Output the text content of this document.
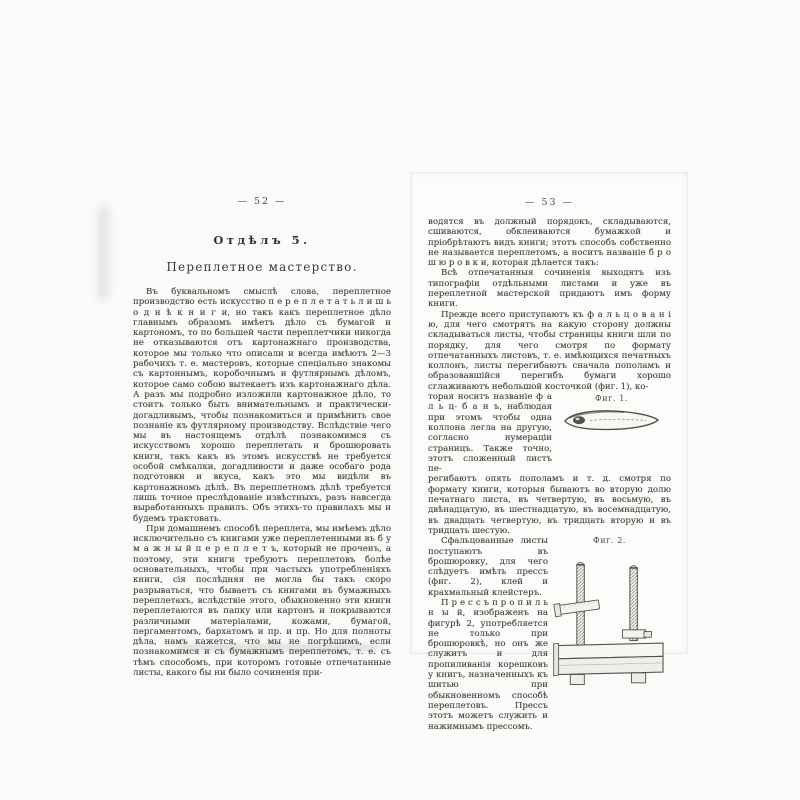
— 52 —
Отдѣлъ 5.
Переплетное мастерство.

Въ буквальномъ смыслѣ слова, переплетное производство есть искусство п е р е п л е т а т ь л и ш ь о д н ѣ к н и г и, но такъ какъ переплетное дѣло главнымъ образомъ имѣетъ дѣло съ бумагой и картономъ, то по большей части переплетчики никогда не отказываются отъ картонажнаго производства, которое мы только что описали и всегда имѣютъ 2—3 рабочихъ т. е. мастеровъ, которые спеціально знакомы съ картоннымъ, коробочнымъ и футлярнымъ дѣломъ, которое само собою вытекаетъ изъ картонажнаго дѣла. А разъ мы подробно изложили картонажное дѣло, то стоитъ только быть внимательнымъ и практически-догадливымъ, чтобы познакомиться и примѣнить свое познаніе къ футлярному производству. Вслѣдствіе чего мы въ настоящемъ отдѣлѣ познакомимся съ искусствомъ хорошо переплетать и брошюровать книги, такъ какъ въ этомъ искусствѣ не требуется особой смѣкалки, догадливости и даже особаго рода подготовки и вкуса, какъ это мы видѣли въ картонажномъ дѣлѣ. Въ переплетномъ дѣлѣ требуется лишь точное преслѣдованіе извѣстныхъ, разъ навсегда выработанныхъ правилъ. Объ этихъ-то правилахъ мы и будемъ трактовать.

При домашнемъ способѣ переплета, мы имѣемъ дѣло исключительно съ книгами уже переплетенными въ б у м а ж н ы й п е р е п л е т ъ, который не проченъ, а поэтому, эти книги требуютъ переплетовъ болѣе основательныхъ, чтобы при частыхъ употребленіяхъ книги, сія послѣдняя не могла бы такъ скоро разрываться, что бываетъ съ книгами въ бумажныхъ переплетахъ, вслѣдствіе этого, обыкновенно эти книги переплетаются въ папку или картонъ и покрываются различными матеріалами, кожами, бумагой, пергаментомъ, бархатомъ и пр. и пр. Но для полноты дѣла, намъ кажется, что мы не погрѣшимъ, если познакомимся и съ бумажнымъ переплетомъ, т. е. съ тѣмъ способомъ, при которомъ готовые отпечатанные листы, какого бы ни было сочиненія при-

— 53 —

водятся въ должный порядокъ, складываются, сшиваются, обклеиваются бумажкой и пріобрѣтаютъ видъ книги; этотъ способъ собственно не называется переплетомъ, а носитъ названіе б р о ш ю р о в к и, которая дѣлается такъ:

Всѣ отпечатанныя сочиненія выходятъ изъ типографіи отдѣльными листами и уже въ переплетной мастерской придаютъ имъ форму книги.

Прежде всего приступаютъ къ ф а л ь ц о в а н і ю, для чего смотрятъ на какую сторону должны складываться листы, чтобы страницы книги шли по порядку, для чего смотря по формату отпечатанныхъ листовъ, т. е. имѣющихся печатныхъ коллонъ, листы перегибаютъ сначала пополамъ и образовавшійся перегибъ бумаги хорошо сглаживаютъ небольшой косточкой (фиг. 1), ко-

торая носитъ названіе ф а л ь ц- б а н ъ, наблюдая при этомъ чтобы одна коллона легла на другую, согласно нумераціи страницъ. Также точно, этотъ сложенный листъ пе-

Фиг. 1.

регибаютъ опять пополамъ и т. д. смотря по формату книги, которыя бываютъ во вторую долю печатнаго листа, въ четвертую, въ восьмую, въ двѣнадцатую, въ шестнадцатую, въ восемнадцатую, въ двадцать четвертую, въ тридцать вторую и въ тридцать шестую.

Сфальцованные листы поступаютъ въ брошюровку, для чего слѣдуетъ имѣть прессъ (фиг. 2), клей и крахмальный клейстеръ.

П р е с с ъ п р о п и л ь н ы й, изображенъ на фигурѣ 2, употребляется не только при брошюровкѣ, но онъ же служитъ и для пропиливанія корешковъ у книгъ, назначенныхъ къ шитью при обыкновенномъ способѣ переплетовъ. Прессъ этотъ можетъ служить и нажимнымъ прессомъ.

Фиг. 2.
